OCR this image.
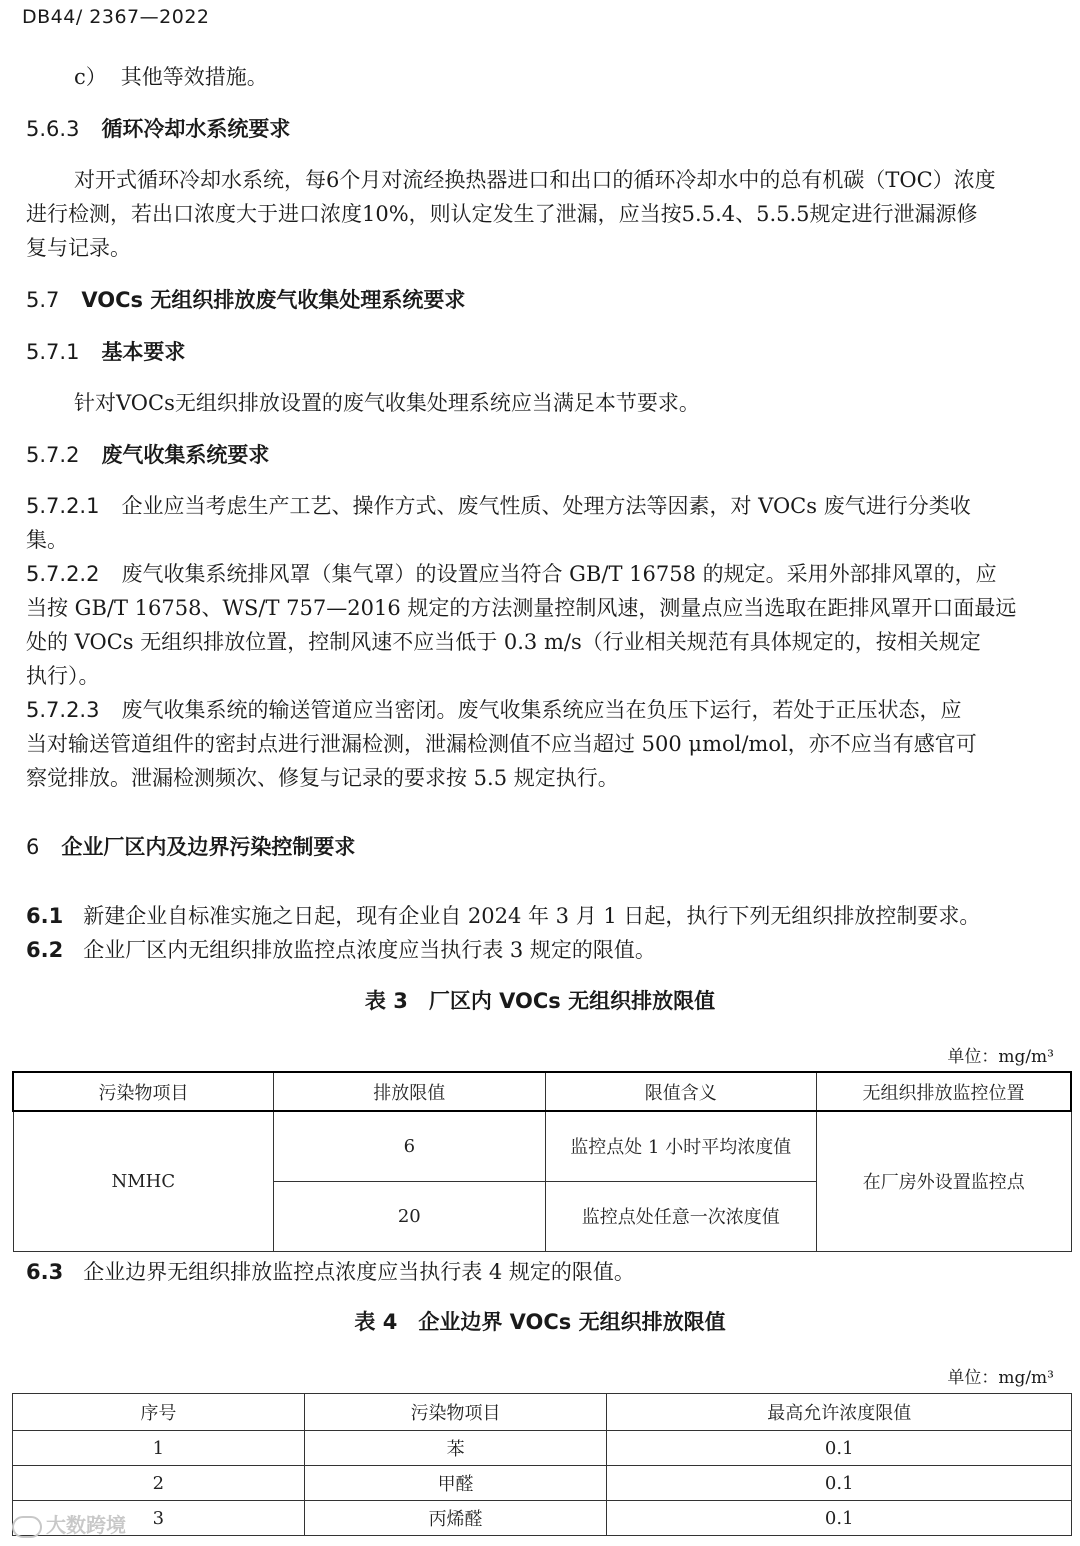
DB44/ 2367—2022
c） 其他等效措施。
5.6.3 循环冷却水系统要求
对开式循环冷却水系统，每6个月对流经换热器进口和出口的循环冷却水中的总有机碳（TOC）浓度
进行检测，若出口浓度大于进口浓度10%，则认定发生了泄漏，应当按5.5.4、5.5.5规定进行泄漏源修
复与记录。
5.7 VOCs 无组织排放废气收集处理系统要求
5.7.1 基本要求
针对VOCs无组织排放设置的废气收集处理系统应当满足本节要求。
5.7.2 废气收集系统要求
5.7.2.1 企业应当考虑生产工艺、操作方式、废气性质、处理方法等因素，对 VOCs 废气进行分类收
集。
5.7.2.2 废气收集系统排风罩（集气罩）的设置应当符合 GB/T 16758 的规定。采用外部排风罩的，应
当按 GB/T 16758、WS/T 757—2016 规定的方法测量控制风速，测量点应当选取在距排风罩开口面最远
处的 VOCs 无组织排放位置，控制风速不应当低于 0.3 m/s（行业相关规范有具体规定的，按相关规定
执行）。
5.7.2.3 废气收集系统的输送管道应当密闭。废气收集系统应当在负压下运行，若处于正压状态，应
当对输送管道组件的密封点进行泄漏检测，泄漏检测值不应当超过 500 μmol/mol，亦不应当有感官可
察觉排放。泄漏检测频次、修复与记录的要求按 5.5 规定执行。
6 企业厂区内及边界污染控制要求
6.1 新建企业自标准实施之日起，现有企业自 2024 年 3 月 1 日起，执行下列无组织排放控制要求。
6.2 企业厂区内无组织排放监控点浓度应当执行表 3 规定的限值。
表 3　厂区内 VOCs 无组织排放限值
单位：mg/m³
污染物项目	排放限值	限值含义	无组织排放监控位置
NMHC	6	监控点处 1 小时平均浓度值	在厂房外设置监控点
	20	监控点处任意一次浓度值	
6.3 企业边界无组织排放监控点浓度应当执行表 4 规定的限值。
表 4　企业边界 VOCs 无组织排放限值
单位：mg/m³
序号	污染物项目	最高允许浓度限值
1	苯	0.1
2	甲醛	0.1
3	丙烯醛	0.1
大数跨境
